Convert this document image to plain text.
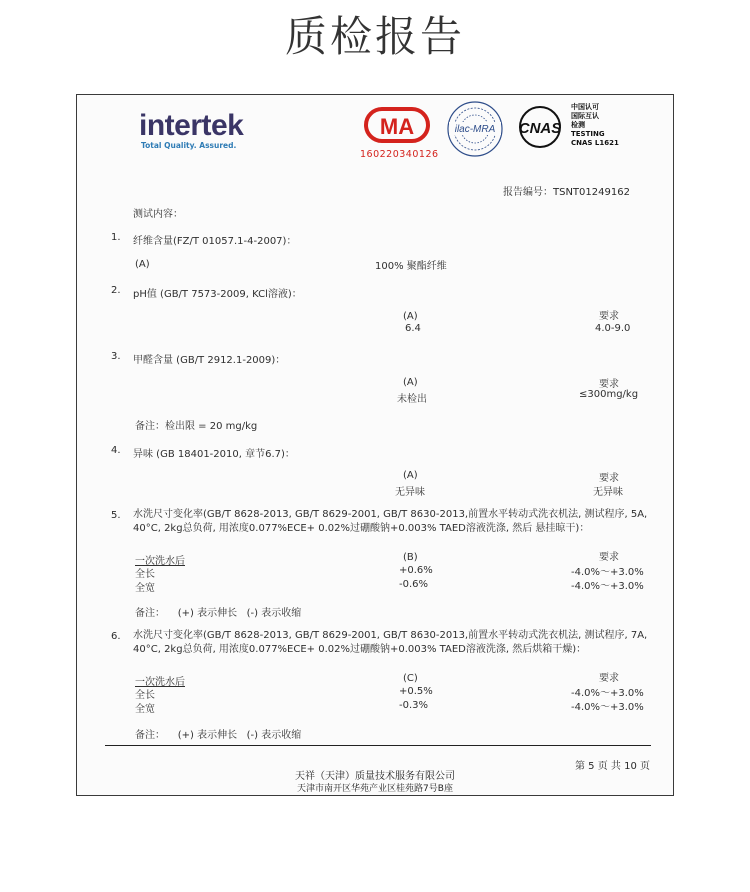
质检报告
intertek
Total Quality. Assured.
MA
160220340126
ilac-MRA CNAS
中国认可
国际互认
检测
TESTING
CNAS L1621
报告编号：TSNT01249162
测试内容：
1. 纤维含量(FZ/T 01057.1-4-2007)：
(A)	100% 聚酯纤维
2. pH值 (GB/T 7573-2009, KCl溶液)：
(A)	要求
6.4	4.0-9.0
3. 甲醛含量 (GB/T 2912.1-2009)：
(A)	要求
未检出	≤300mg/kg
备注：检出限 = 20 mg/kg
4. 异味 (GB 18401-2010, 章节6.7)：
(A)	要求
无异味	无异味
5. 水洗尺寸变化率(GB/T 8628-2013, GB/T 8629-2001, GB/T 8630-2013,前置水平转动式洗衣机法, 测试程序, 5A, 40°C, 2kg总负荷, 用浓度0.077%ECE+ 0.02%过硼酸钠+0.003% TAED溶液洗涤, 然后 悬挂晾干)：
一次洗水后	(B)	要求
全长	+0.6%	-4.0%～+3.0%
全宽	-0.6%	-4.0%～+3.0%
备注：    (+) 表示伸长   (-) 表示收缩
6. 水洗尺寸变化率(GB/T 8628-2013, GB/T 8629-2001, GB/T 8630-2013,前置水平转动式洗衣机法, 测试程序, 7A, 40°C, 2kg总负荷, 用浓度0.077%ECE+ 0.02%过硼酸钠+0.003% TAED溶液洗涤, 然后烘箱干燥)：
一次洗水后	(C)	要求
全长	+0.5%	-4.0%～+3.0%
全宽	-0.3%	-4.0%～+3.0%
备注：    (+) 表示伸长   (-) 表示收缩
第 5 页 共 10 页
天祥（天津）质量技术服务有限公司
天津市南开区华苑产业区桂苑路7号B座
